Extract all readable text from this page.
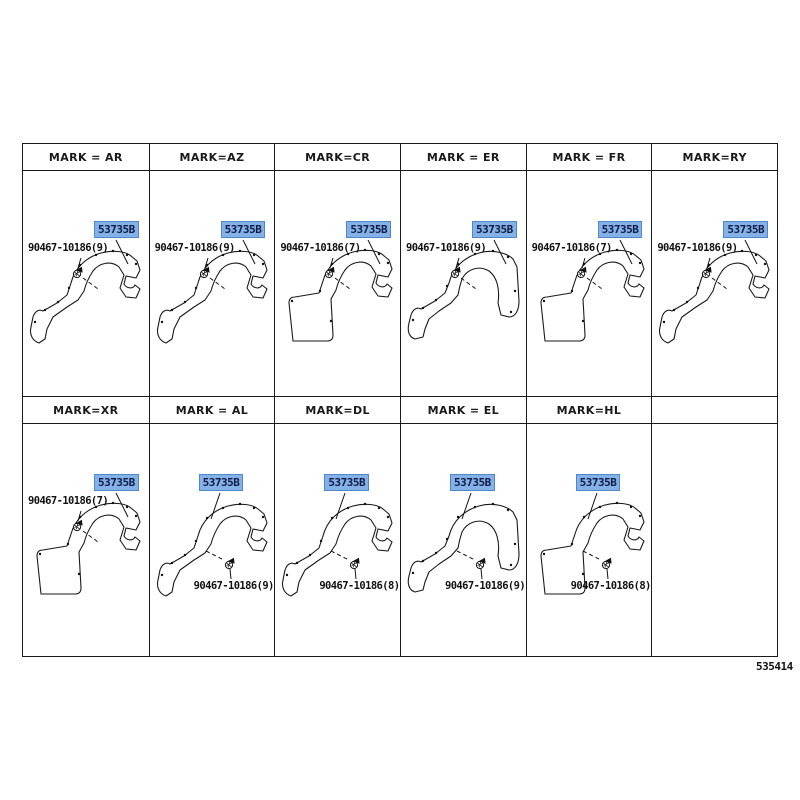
MARK = AR	MARK=AZ	MARK=CR	MARK = ER	MARK = FR	MARK=RY
53735B
90467-10186(9)
53735B
90467-10186(9)
53735B
90467-10186(7)
53735B
90467-10186(9)
53735B
90467-10186(7)
53735B
90467-10186(9)
MARK=XR	MARK = AL	MARK=DL	MARK = EL	MARK=HL
53735B
90467-10186(7)
53735B
90467-10186(9)
53735B
90467-10186(8)
53735B
90467-10186(9)
53735B
90467-10186(8)
535414
